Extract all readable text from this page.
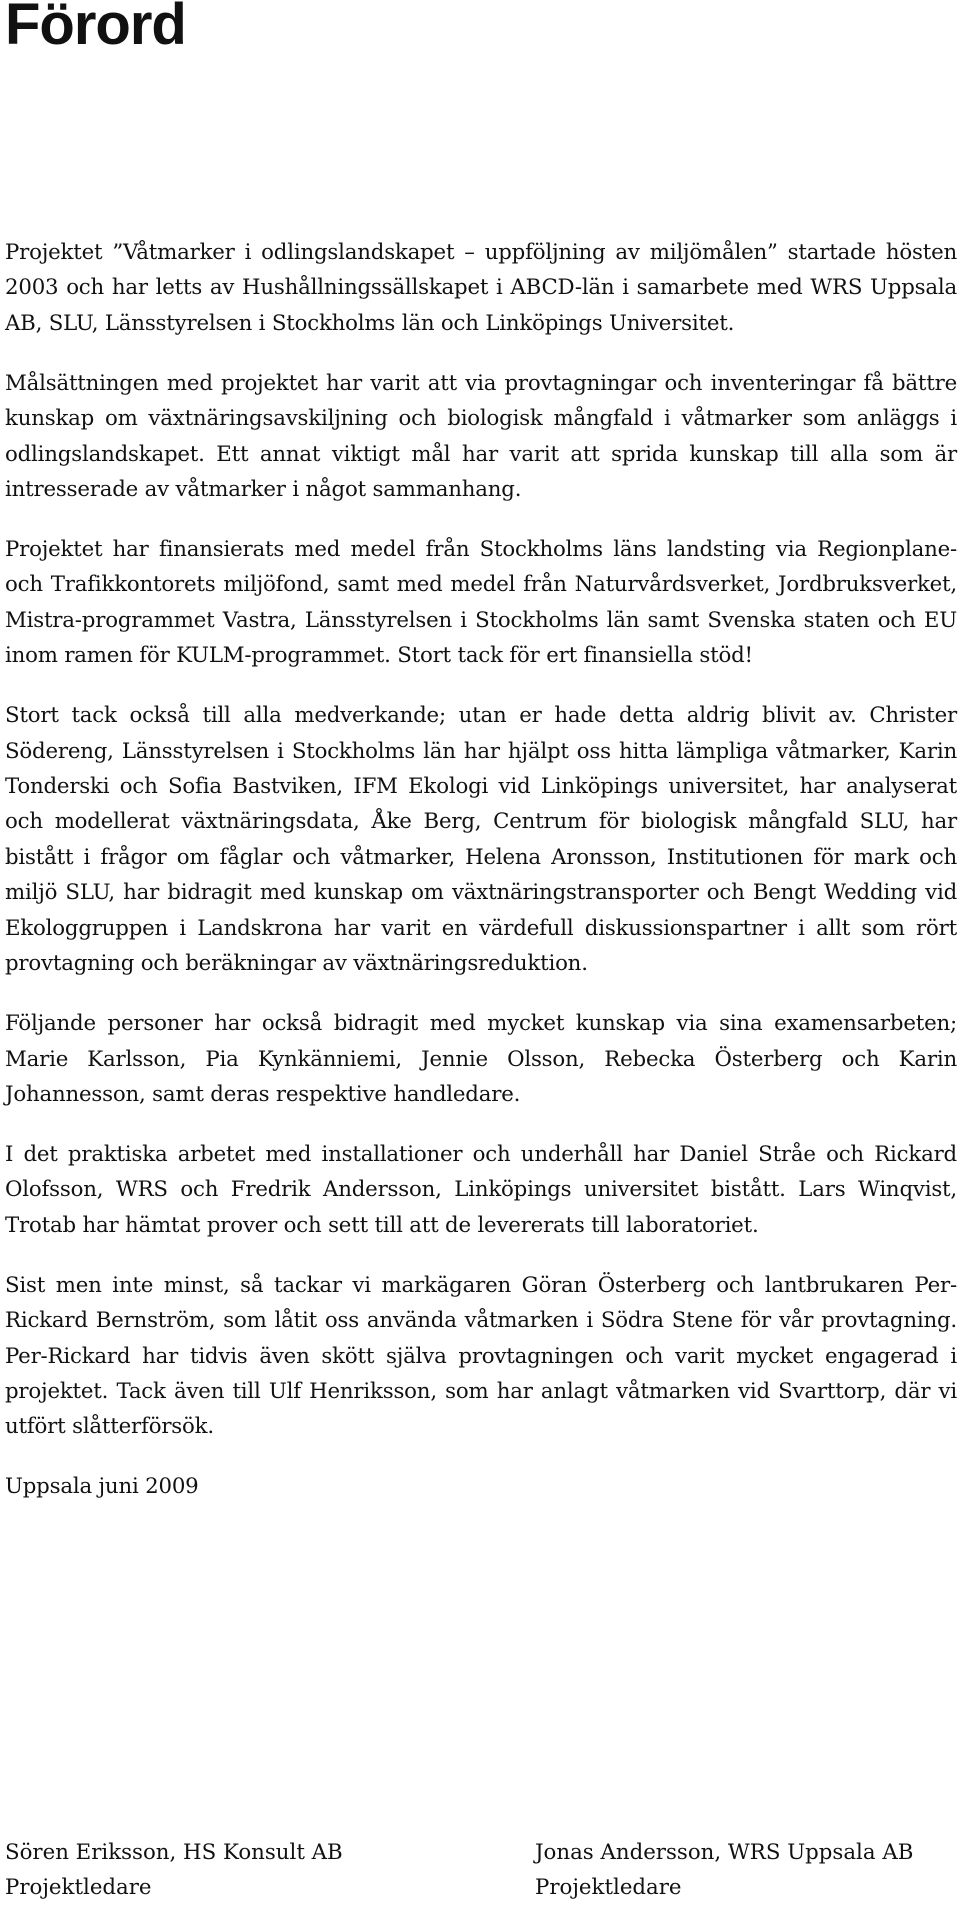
Förord

Projektet ”Våtmarker i odlingslandskapet – uppföljning av miljömålen” startade hösten 2003 och har letts av Hushållningssällskapet i ABCD-län i samarbete med WRS Uppsala AB, SLU, Länsstyrelsen i Stockholms län och Linköpings Universitet.

Målsättningen med projektet har varit att via provtagningar och inventeringar få bättre kunskap om växtnäringsavskiljning och biologisk mångfald i våtmarker som anläggs i odlingslandskapet. Ett annat viktigt mål har varit att sprida kunskap till alla som är intresserade av våtmarker i något sammanhang.

Projektet har finansierats med medel från Stockholms läns landsting via Regionplane- och Trafikkontorets miljöfond, samt med medel från Naturvårdsverket, Jordbruksverket, Mistra-programmet Vastra, Länsstyrelsen i Stockholms län samt Svenska staten och EU inom ramen för KULM-programmet. Stort tack för ert finansiella stöd!

Stort tack också till alla medverkande; utan er hade detta aldrig blivit av. Christer Södereng, Länsstyrelsen i Stockholms län har hjälpt oss hitta lämpliga våtmarker, Karin Tonderski och Sofia Bastviken, IFM Ekologi vid Linköpings universitet, har analyserat och modellerat växtnäringsdata, Åke Berg, Centrum för biologisk mångfald SLU, har bistått i frågor om fåglar och våtmarker, Helena Aronsson, Institutionen för mark och miljö SLU, har bidragit med kunskap om växtnäringstransporter och Bengt Wedding vid Ekologgruppen i Landskrona har varit en värdefull diskussionspartner i allt som rört provtagning och beräkningar av växtnäringsreduktion.

Följande personer har också bidragit med mycket kunskap via sina examensarbeten; Marie Karlsson, Pia Kynkänniemi, Jennie Olsson, Rebecka Österberg och Karin Johannesson, samt deras respektive handledare.

I det praktiska arbetet med installationer och underhåll har Daniel Stråe och Rickard Olofsson, WRS och Fredrik Andersson, Linköpings universitet bistått. Lars Winqvist, Trotab har hämtat prover och sett till att de levererats till laboratoriet.

Sist men inte minst, så tackar vi markägaren Göran Österberg och lantbrukaren Per-Rickard Bernström, som låtit oss använda våtmarken i Södra Stene för vår provtagning. Per-Rickard har tidvis även skött själva provtagningen och varit mycket engagerad i projektet. Tack även till Ulf Henriksson, som har anlagt våtmarken vid Svarttorp, där vi utfört slåtterförsök.

Uppsala juni 2009

Sören Eriksson, HS Konsult AB
Projektledare
Jonas Andersson, WRS Uppsala AB
Projektledare
